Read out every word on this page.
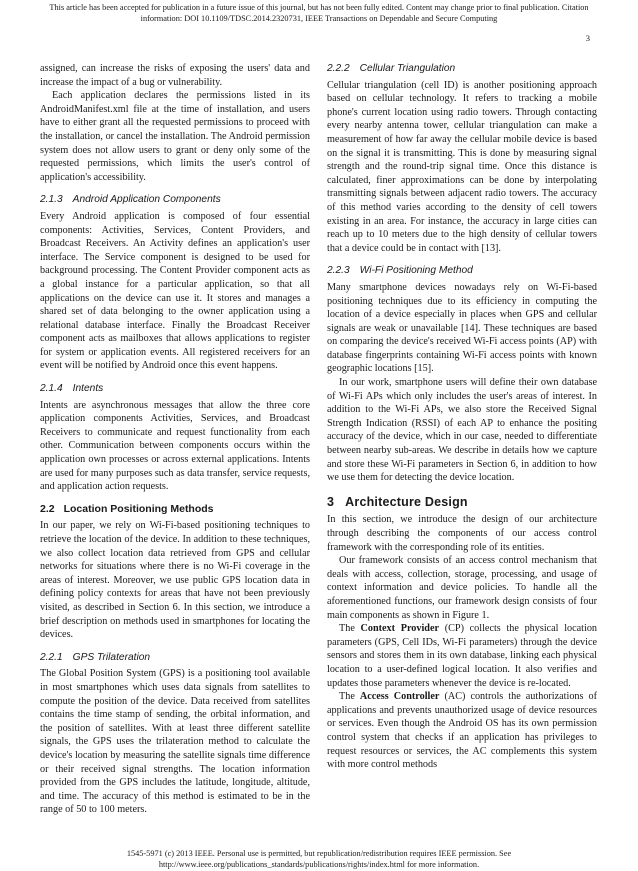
This article has been accepted for publication in a future issue of this journal, but has not been fully edited. Content may change prior to final publication. Citation
information: DOI 10.1109/TDSC.2014.2320731, IEEE Transactions on Dependable and Secure Computing
3

assigned, can increase the risks of exposing the users' data and increase the impact of a bug or vulnerability.

Each application declares the permissions listed in its AndroidManifest.xml file at the time of installation, and users have to either grant all the requested permissions to proceed with the installation, or cancel the installation. The Android permission system does not allow users to grant or deny only some of the requested permissions, which limits the user's control of application's accessibility.

2.1.3 Android Application Components

Every Android application is composed of four essential components: Activities, Services, Content Providers, and Broadcast Receivers. An Activity defines an application's user interface. The Service component is designed to be used for background processing. The Content Provider component acts as a global instance for a particular application, so that all applications on the device can use it. It stores and manages a shared set of data belonging to the owner application using a relational database interface. Finally the Broadcast Receiver component acts as mailboxes that allows applications to register for system or application events. All registered receivers for an event will be notified by Android once this event happens.

2.1.4 Intents

Intents are asynchronous messages that allow the three core application components Activities, Services, and Broadcast Receivers to communicate and request functionality from each other. Communication between components occurs within the application own processes or across external applications. Intents are used for many purposes such as data transfer, service requests, and application action requests.

2.2 Location Positioning Methods

In our paper, we rely on Wi-Fi-based positioning techniques to retrieve the location of the device. In addition to these techniques, we also collect location data retrieved from GPS and cellular networks for situations where there is no Wi-Fi coverage in the areas of interest. Moreover, we use public GPS location data in defining policy contexts for areas that have not been previously visited, as described in Section 6. In this section, we introduce a brief description on methods used in smartphones for locating the devices.

2.2.1 GPS Trilateration

The Global Position System (GPS) is a positioning tool available in most smartphones which uses data signals from satellites to compute the position of the device. Data received from satellites contains the time stamp of sending, the orbital information, and the position of satellites. With at least three different satellite signals, the GPS uses the trilateration method to calculate the device's location by measuring the satellite signals time difference or their received signal strengths. The location information provided from the GPS includes the latitude, longitude, altitude, and time. The accuracy of this method is estimated to be in the range of 50 to 100 meters.

2.2.2 Cellular Triangulation

Cellular triangulation (cell ID) is another positioning approach based on cellular technology. It refers to tracking a mobile phone's current location using radio towers. Through contacting every nearby antenna tower, cellular triangulation can make a measurement of how far away the cellular mobile device is based on the signal it is transmitting. This is done by measuring signal strength and the round-trip signal time. Once this distance is calculated, finer approximations can be done by interpolating transmitting signals between adjacent radio towers. The accuracy of this method varies according to the density of cell towers existing in an area. For instance, the accuracy in large cities can reach up to 10 meters due to the high density of cellular towers that a device could be in contact with [13].

2.2.3 Wi-Fi Positioning Method

Many smartphone devices nowadays rely on Wi-Fi-based positioning techniques due to its efficiency in computing the location of a device especially in places when GPS and cellular signals are weak or unavailable [14]. These techniques are based on comparing the device's received Wi-Fi access points (AP) with database fingerprints containing Wi-Fi access points with known geographic locations [15].

In our work, smartphone users will define their own database of Wi-Fi APs which only includes the user's areas of interest. In addition to the Wi-Fi APs, we also store the Received Signal Strength Indication (RSSI) of each AP to enhance the positing accuracy of the device, which in our case, needed to differentiate between nearby sub-areas. We describe in details how we capture and store these Wi-Fi parameters in Section 6, in addition to how we use them for detecting the device location.

3 Architecture Design

In this section, we introduce the design of our architecture through describing the components of our access control framework with the corresponding role of its entities.

Our framework consists of an access control mechanism that deals with access, collection, storage, processing, and usage of context information and device policies. To handle all the aforementioned functions, our framework design consists of four main components as shown in Figure 1.

The Context Provider (CP) collects the physical location parameters (GPS, Cell IDs, Wi-Fi parameters) through the device sensors and stores them in its own database, linking each physical location to a user-defined logical location. It also verifies and updates those parameters whenever the device is re-located.

The Access Controller (AC) controls the authorizations of applications and prevents unauthorized usage of device resources or services. Even though the Android OS has its own permission control system that checks if an application has privileges to request resources or services, the AC complements this system with more control methods

1545-5971 (c) 2013 IEEE. Personal use is permitted, but republication/redistribution requires IEEE permission. See
http://www.ieee.org/publications_standards/publications/rights/index.html for more information.
